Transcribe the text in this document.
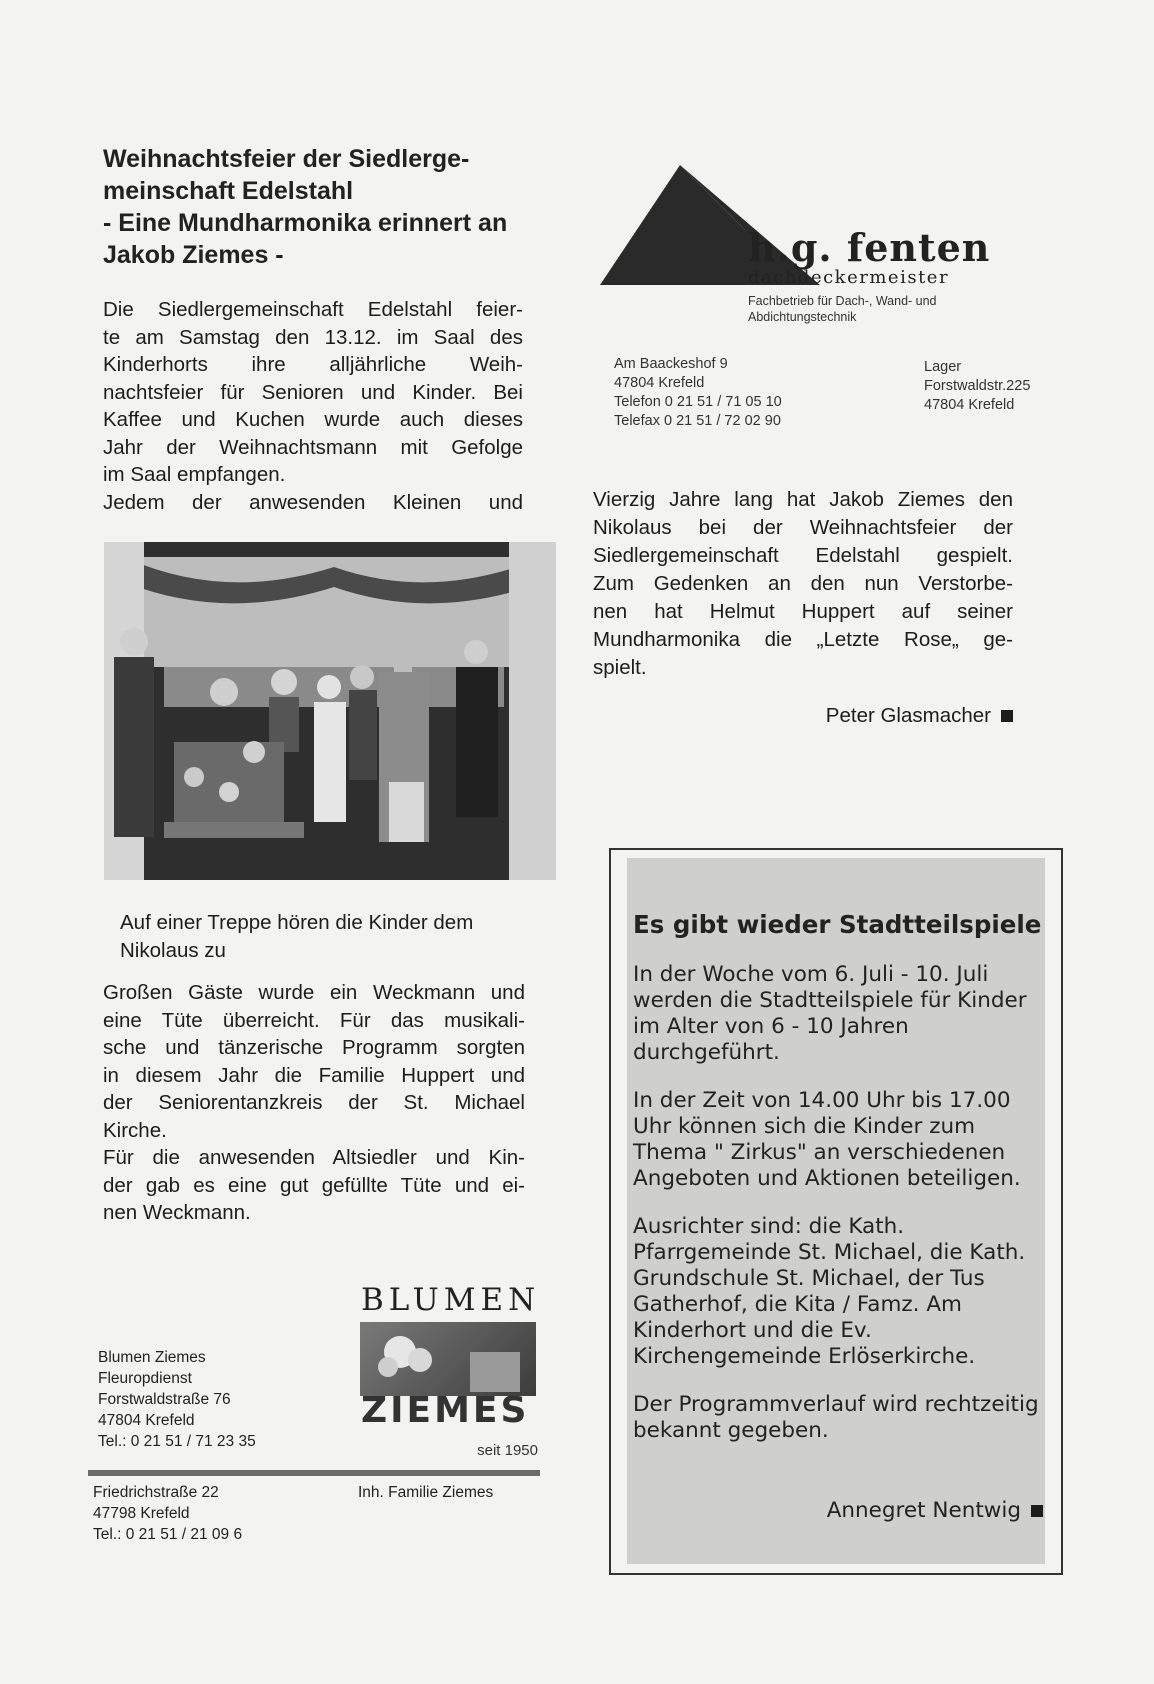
Weihnachtsfeier der Siedlerge-
meinschaft Edelstahl
- Eine Mundharmonika erinnert an
Jakob Ziemes -
Die Siedlergemeinschaft Edelstahl feier-
te am Samstag den 13.12. im Saal des
Kinderhorts ihre alljährliche Weih-
nachtsfeier für Senioren und Kinder. Bei
Kaffee und Kuchen wurde auch dieses
Jahr der Weihnachtsmann mit Gefolge
im Saal empfangen.
Jedem der anwesenden Kleinen und
Auf einer Treppe hören die Kinder dem
Nikolaus zu
Großen Gäste wurde ein Weckmann und
eine Tüte überreicht. Für das musikali-
sche und tänzerische Programm sorgten
in diesem Jahr die Familie Huppert und
der Seniorentanzkreis der St. Michael
Kirche.
Für die anwesenden Altsiedler und Kin-
der gab es eine gut gefüllte Tüte und ei-
nen Weckmann.
h.g. fenten
dachdeckermeister
Fachbetrieb für Dach-, Wand- und
Abdichtungstechnik
Am Baackeshof 9
47804 Krefeld
Telefon 0 21 51 / 71 05 10
Telefax 0 21 51 / 72 02 90
Lager
Forstwaldstr.225
47804 Krefeld
Vierzig Jahre lang hat Jakob Ziemes den
Nikolaus bei der Weihnachtsfeier der
Siedlergemeinschaft Edelstahl gespielt.
Zum Gedenken an den nun Verstorbe-
nen hat Helmut Huppert auf seiner
Mundharmonika die „Letzte Rose„ ge-
spielt.
Peter Glasmacher
Es gibt wieder Stadtteilspiele

In der Woche vom 6. Juli - 10. Juli werden die Stadtteilspiele für Kinder im Alter von 6 - 10 Jahren durchgeführt.

In der Zeit von 14.00 Uhr bis 17.00 Uhr können sich die Kinder zum Thema " Zirkus" an verschiedenen Angeboten und Aktionen beteiligen.

Ausrichter sind: die Kath. Pfarrgemeinde St. Michael, die Kath. Grundschule St. Michael, der Tus Gatherhof, die Kita / Famz. Am Kinderhort und die Ev. Kirchengemeinde Erlöserkirche.

Der Programmverlauf wird rechtzeitig bekannt gegeben.

Annegret Nentwig
BLUMEN
ZIEMES
seit 1950
Blumen Ziemes
Fleuropdienst
Forstwaldstraße 76
47804 Krefeld
Tel.: 0 21 51 / 71 23 35
Friedrichstraße 22
47798 Krefeld
Tel.: 0 21 51 / 21 09 6
Inh. Familie Ziemes
